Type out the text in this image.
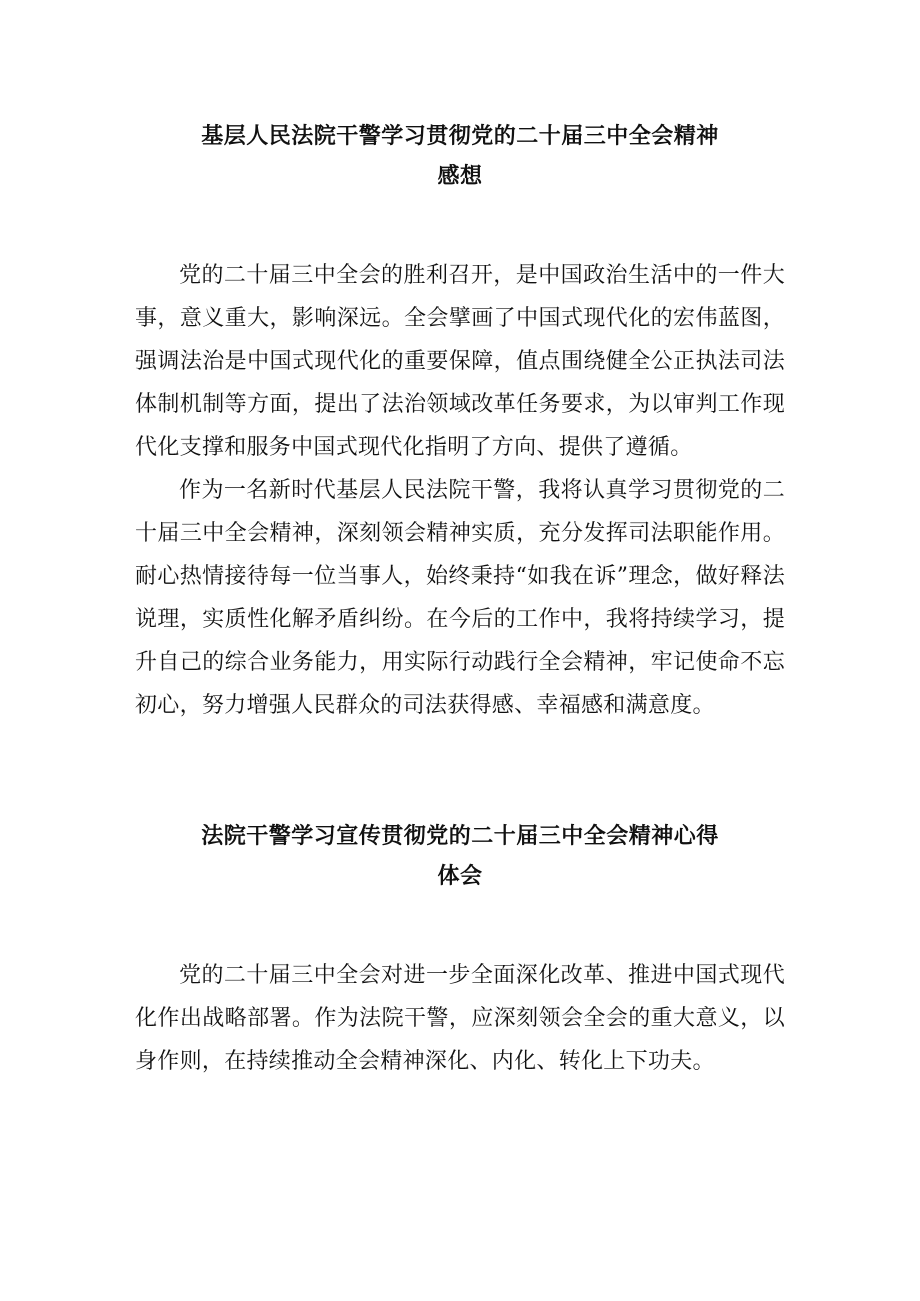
基层人民法院干警学习贯彻党的二十届三中全会精神
感想

党的二十届三中全会的胜利召开，是中国政治生活中的一件大事，意义重大，影响深远。全会擘画了中国式现代化的宏伟蓝图，强调法治是中国式现代化的重要保障，值点围绕健全公正执法司法体制机制等方面，提出了法治领域改革任务要求，为以审判工作现代化支撑和服务中国式现代化指明了方向、提供了遵循。

作为一名新时代基层人民法院干警，我将认真学习贯彻党的二十届三中全会精神，深刻领会精神实质，充分发挥司法职能作用。耐心热情接待每一位当事人，始终秉持“如我在诉”理念，做好释法说理，实质性化解矛盾纠纷。在今后的工作中，我将持续学习，提升自己的综合业务能力，用实际行动践行全会精神，牢记使命不忘初心，努力增强人民群众的司法获得感、幸福感和满意度。

法院干警学习宣传贯彻党的二十届三中全会精神心得
体会

党的二十届三中全会对进一步全面深化改革、推进中国式现代化作出战略部署。作为法院干警，应深刻领会全会的重大意义，以身作则，在持续推动全会精神深化、内化、转化上下功夫。
